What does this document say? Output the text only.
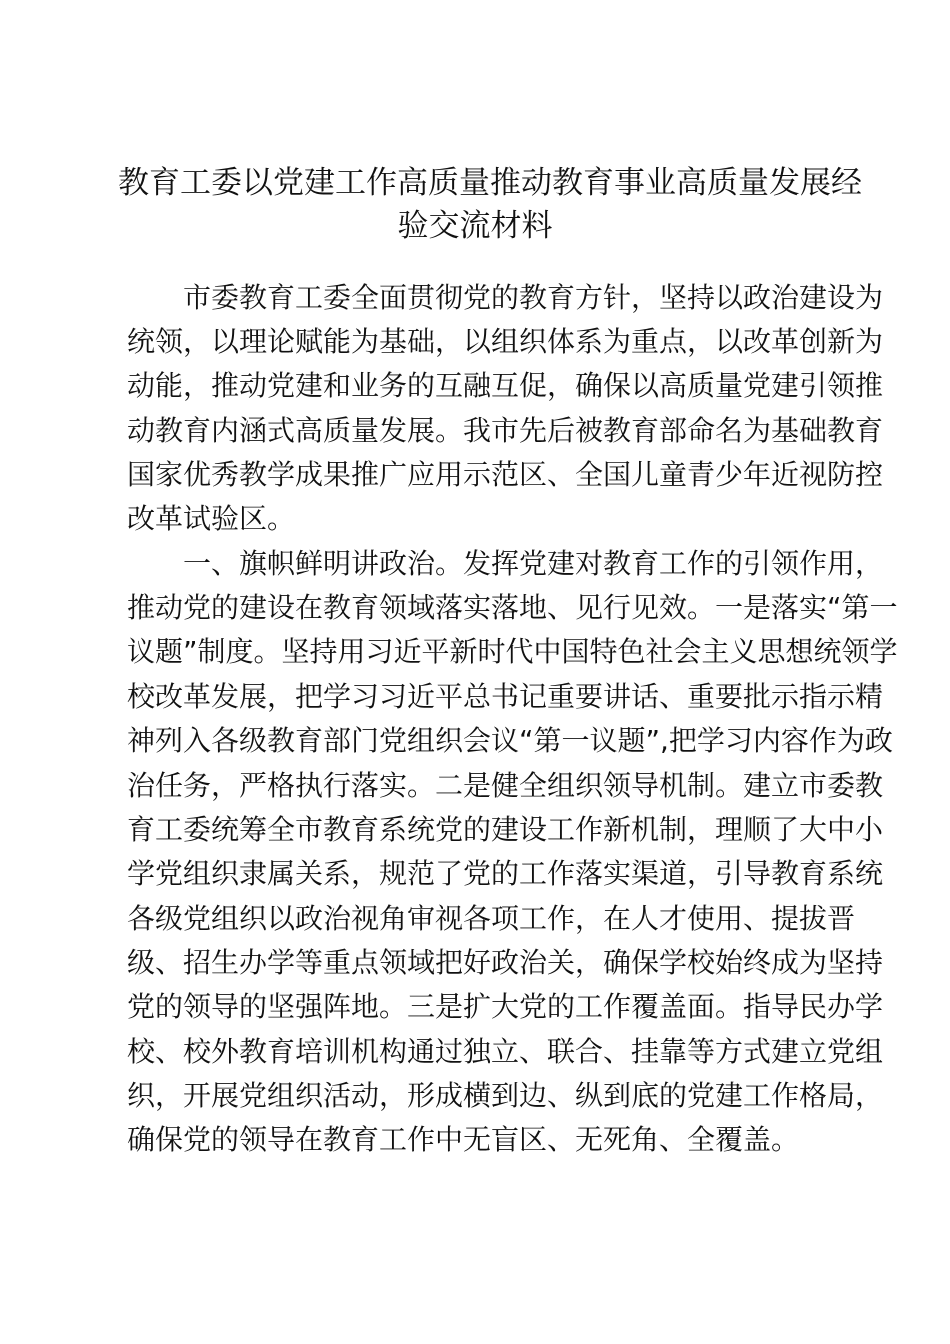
教育工委以党建工作高质量推动教育事业高质量发展经
验交流材料
市委教育工委全面贯彻党的教育方针，坚持以政治建设为
统领，以理论赋能为基础，以组织体系为重点，以改革创新为
动能，推动党建和业务的互融互促，确保以高质量党建引领推
动教育内涵式高质量发展。我市先后被教育部命名为基础教育
国家优秀教学成果推广应用示范区、全国儿童青少年近视防控
改革试验区。
一、旗帜鲜明讲政治。发挥党建对教育工作的引领作用，
推动党的建设在教育领域落实落地、见行见效。一是落实“第一
议题”制度。坚持用习近平新时代中国特色社会主义思想统领学
校改革发展，把学习习近平总书记重要讲话、重要批示指示精
神列入各级教育部门党组织会议“第一议题”,把学习内容作为政
治任务，严格执行落实。二是健全组织领导机制。建立市委教
育工委统筹全市教育系统党的建设工作新机制，理顺了大中小
学党组织隶属关系，规范了党的工作落实渠道，引导教育系统
各级党组织以政治视角审视各项工作，在人才使用、提拔晋
级、招生办学等重点领域把好政治关，确保学校始终成为坚持
党的领导的坚强阵地。三是扩大党的工作覆盖面。指导民办学
校、校外教育培训机构通过独立、联合、挂靠等方式建立党组
织，开展党组织活动，形成横到边、纵到底的党建工作格局，
确保党的领导在教育工作中无盲区、无死角、全覆盖。
